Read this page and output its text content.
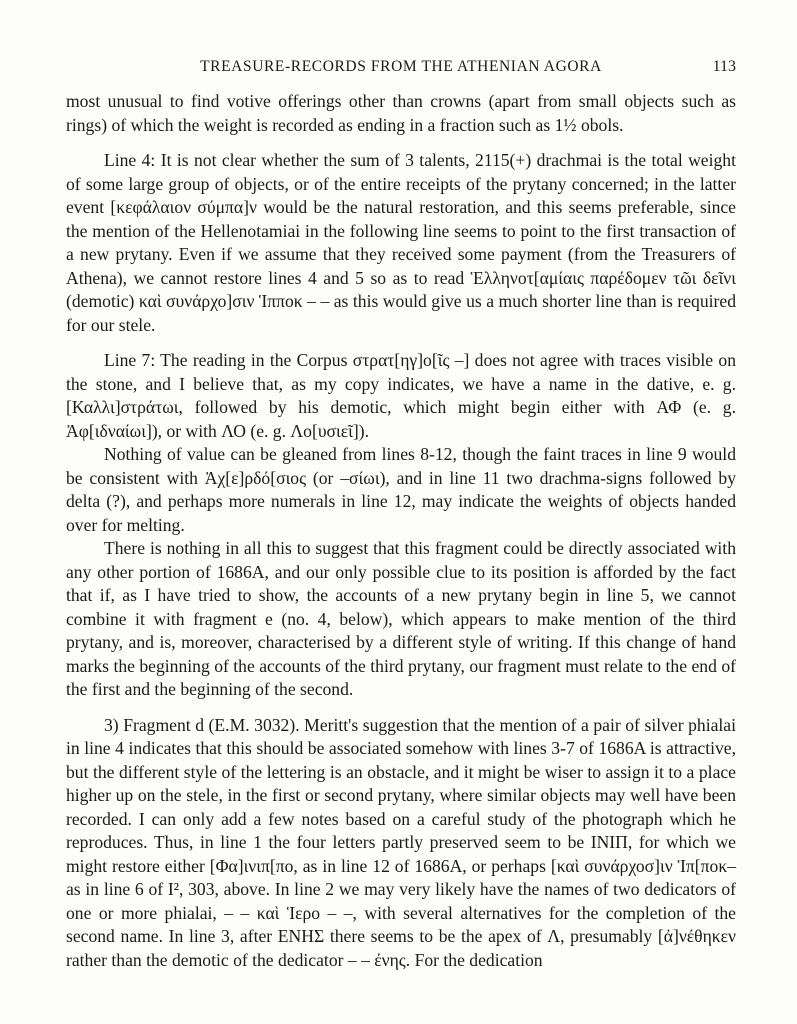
TREASURE-RECORDS FROM THE ATHENIAN AGORA	113

most unusual to find votive offerings other than crowns (apart from small objects such as rings) of which the weight is recorded as ending in a fraction such as 1½ obols.

Line 4: It is not clear whether the sum of 3 talents, 2115(+) drachmai is the total weight of some large group of objects, or of the entire receipts of the prytany concerned; in the latter event [κεφάλαιον σύμπα]ν would be the natural restoration, and this seems preferable, since the mention of the Hellenotamiai in the following line seems to point to the first transaction of a new prytany. Even if we assume that they received some payment (from the Treasurers of Athena), we cannot restore lines 4 and 5 so as to read Ἑλληνοτ[αμίαις παρέδομεν τῶι δεῖνι (demotic) καὶ συνάρχο]σιν Ἱπποκ – – as this would give us a much shorter line than is required for our stele.

Line 7: The reading in the Corpus στρατ[ηγ]ο[ῖς –] does not agree with traces visible on the stone, and I believe that, as my copy indicates, we have a name in the dative, e. g. [Καλλι]στράτωι, followed by his demotic, which might begin either with ΑΦ (e. g. Ἀφ[ιδναίωι]), or with ΛΟ (e. g. Λο[υσιεῖ]).

Nothing of value can be gleaned from lines 8-12, though the faint traces in line 9 would be consistent with Ἀχ[ε]ρδό[σιος (or –σίωι), and in line 11 two drachma-signs followed by delta (?), and perhaps more numerals in line 12, may indicate the weights of objects handed over for melting.

There is nothing in all this to suggest that this fragment could be directly associated with any other portion of 1686A, and our only possible clue to its position is afforded by the fact that if, as I have tried to show, the accounts of a new prytany begin in line 5, we cannot combine it with fragment e (no. 4, below), which appears to make mention of the third prytany, and is, moreover, characterised by a different style of writing. If this change of hand marks the beginning of the accounts of the third prytany, our fragment must relate to the end of the first and the beginning of the second.

3) Fragment d (E.M. 3032). Meritt's suggestion that the mention of a pair of silver phialai in line 4 indicates that this should be associated somehow with lines 3-7 of 1686A is attractive, but the different style of the lettering is an obstacle, and it might be wiser to assign it to a place higher up on the stele, in the first or second prytany, where similar objects may well have been recorded. I can only add a few notes based on a careful study of the photograph which he reproduces. Thus, in line 1 the four letters partly preserved seem to be ΙΝΙΠ, for which we might restore either [Φα]ινιπ[πο, as in line 12 of 1686A, or perhaps [καὶ συνάρχοσ]ιν Ἱπ[ποκ– as in line 6 of I², 303, above. In line 2 we may very likely have the names of two dedicators of one or more phialai, – – καὶ Ἱερο – –, with several alternatives for the completion of the second name. In line 3, after ΕΝΗΣ there seems to be the apex of Λ, presumably [ἀ]νέθηκεν rather than the demotic of the dedicator – – ένης. For the dedication
